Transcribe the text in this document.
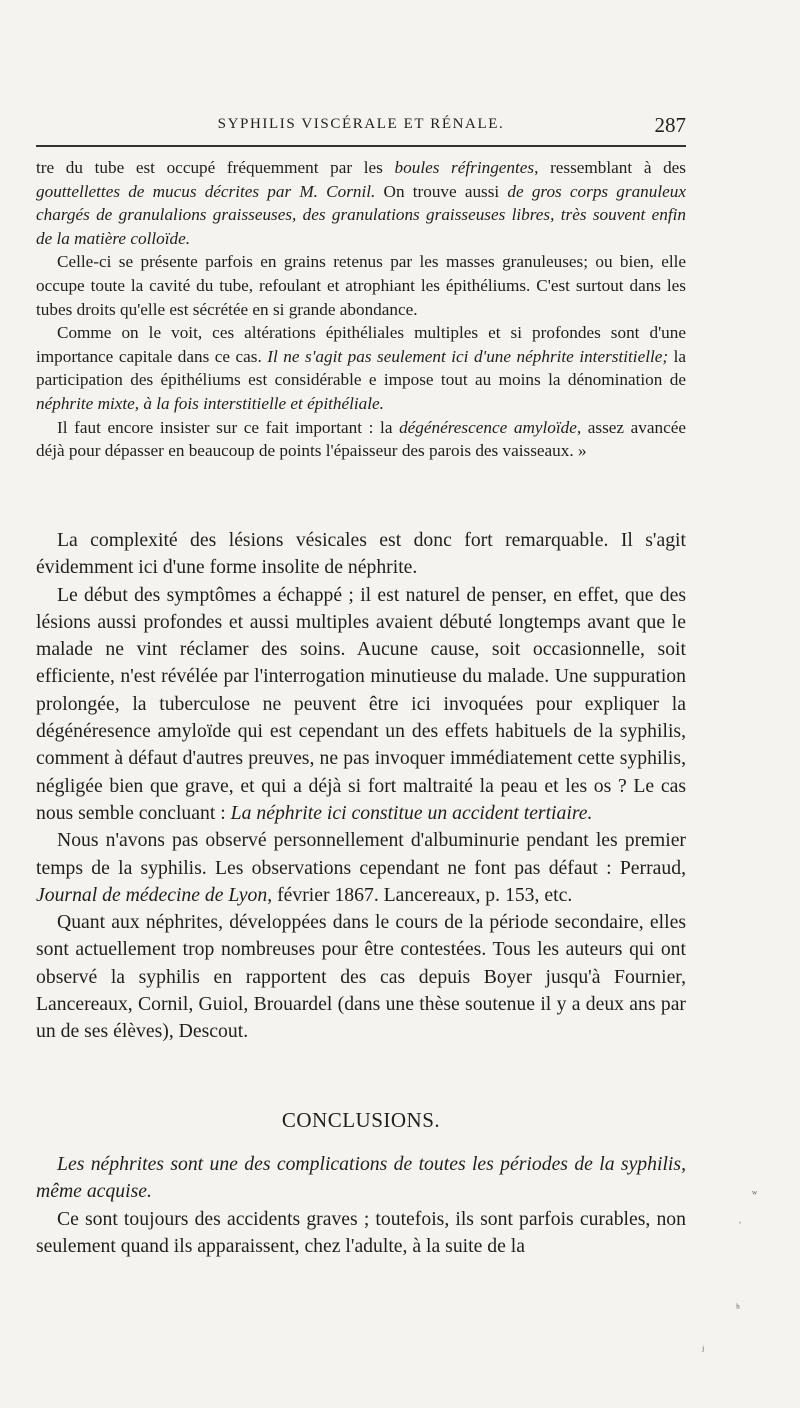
SYPHILIS VISCÉRALE ET RÉNALE.	287

tre du tube est occupé fréquemment par les boules réfringentes, ressemblant à des gouttellettes de mucus décrites par M. Cornil. On trouve aussi de gros corps granuleux chargés de granulalions graisseuses, des granulations graisseuses libres, très souvent enfin de la matière colloïde.

Celle-ci se présente parfois en grains retenus par les masses granuleuses; ou bien, elle occupe toute la cavité du tube, refoulant et atrophiant les épithéliums. C'est surtout dans les tubes droits qu'elle est sécrétée en si grande abondance.

Comme on le voit, ces altérations épithéliales multiples et si profondes sont d'une importance capitale dans ce cas. Il ne s'agit pas seulement ici d'une néphrite interstitielle; la participation des épithéliums est considérable e impose tout au moins la dénomination de néphrite mixte, à la fois interstitielle et épithéliale.

Il faut encore insister sur ce fait important : la dégénérescence amyloïde, assez avancée déjà pour dépasser en beaucoup de points l'épaisseur des parois des vaisseaux. »

La complexité des lésions vésicales est donc fort remarquable. Il s'agit évidemment ici d'une forme insolite de néphrite.

Le début des symptômes a échappé ; il est naturel de penser, en effet, que des lésions aussi profondes et aussi multiples avaient débuté longtemps avant que le malade ne vint réclamer des soins. Aucune cause, soit occasionnelle, soit efficiente, n'est révélée par l'interrogation minutieuse du malade. Une suppuration prolongée, la tuberculose ne peuvent être ici invoquées pour expliquer la dégénéresence amyloïde qui est cependant un des effets habituels de la syphilis, comment à défaut d'autres preuves, ne pas invoquer immédiatement cette syphilis, négligée bien que grave, et qui a déjà si fort maltraité la peau et les os ? Le cas nous semble concluant : La néphrite ici constitue un accident tertiaire.

Nous n'avons pas observé personnellement d'albuminurie pendant les premier temps de la syphilis. Les observations cependant ne font pas défaut : Perraud, Journal de médecine de Lyon, février 1867. Lancereaux, p. 153, etc.

Quant aux néphrites, développées dans le cours de la période secondaire, elles sont actuellement trop nombreuses pour être contestées. Tous les auteurs qui ont observé la syphilis en rapportent des cas depuis Boyer jusqu'à Fournier, Lancereaux, Cornil, Guiol, Brouardel (dans une thèse soutenue il y a deux ans par un de ses élèves), Descout.

CONCLUSIONS.

Les néphrites sont une des complications de toutes les périodes de la syphilis, même acquise.

Ce sont toujours des accidents graves ; toutefois, ils sont parfois curables, non seulement quand ils apparaissent, chez l'adulte, à la suite de la

ʷ
ˈ
ʰ
ʲ
